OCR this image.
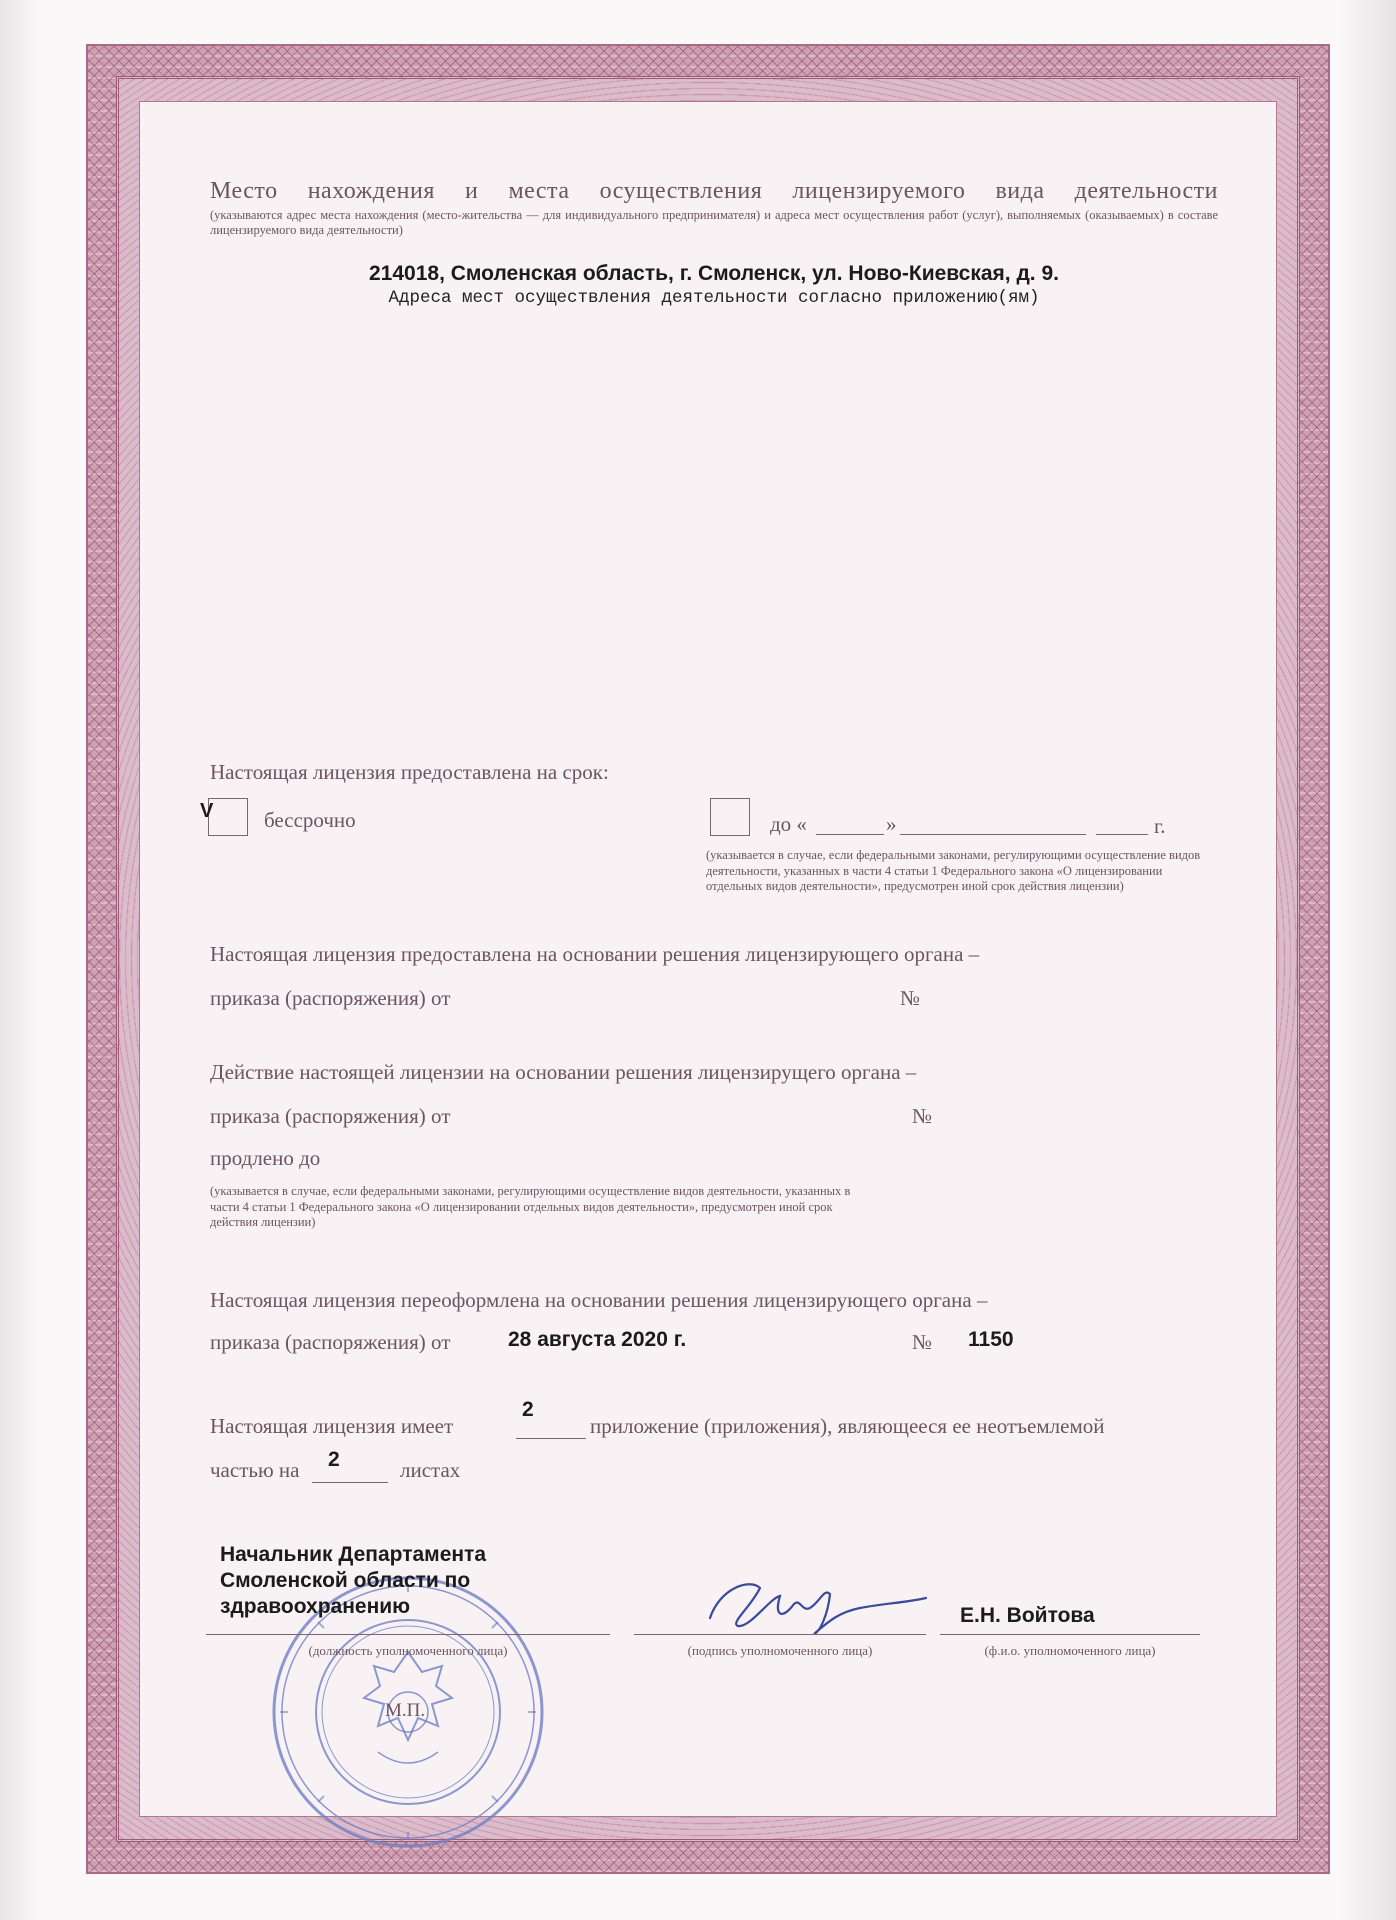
Место нахождения и места осуществления лицензируемого вида деятельности
(указываются адрес места нахождения (место-жительства — для индивидуального предпринимателя) и адреса мест осуществления работ (услуг), выполняемых (оказываемых) в составе лицензируемого вида деятельности)
214018, Смоленская область, г. Смоленск, ул. Ново-Киевская, д. 9.
Адреса мест осуществления деятельности согласно приложению(ям)
Настоящая лицензия предоставлена на срок:
V бессрочно	до «	»	г.
(указывается в случае, если федеральными законами, регулирующими осуществление видов деятельности, указанных в части 4 статьи 1 Федерального закона «О лицензировании отдельных видов деятельности», предусмотрен иной срок действия лицензии)
Настоящая лицензия предоставлена на основании решения лицензирующего органа –
приказа (распоряжения) от	№
Действие настоящей лицензии на основании решения лицензирущего органа –
приказа (распоряжения) от	№
продлено до
(указывается в случае, если федеральными законами, регулирующими осуществление видов деятельности, указанных в части 4 статьи 1 Федерального закона «О лицензировании отдельных видов деятельности», предусмотрен иной срок действия лицензии)
Настоящая лицензия переоформлена на основании решения лицензирующего органа –
приказа (распоряжения) от	28 августа 2020 г.	№ 1150
Настоящая лицензия имеет
2
приложение (приложения), являющееся ее неотъемлемой
частью на 2	листах
Начальник Департамента Смоленской области по здравоохранению
(должность уполномоченного лица)	(подпись уполномоченного лица)
Е.Н. Войтова
(ф.и.о. уполномоченного лица)
М.П.
